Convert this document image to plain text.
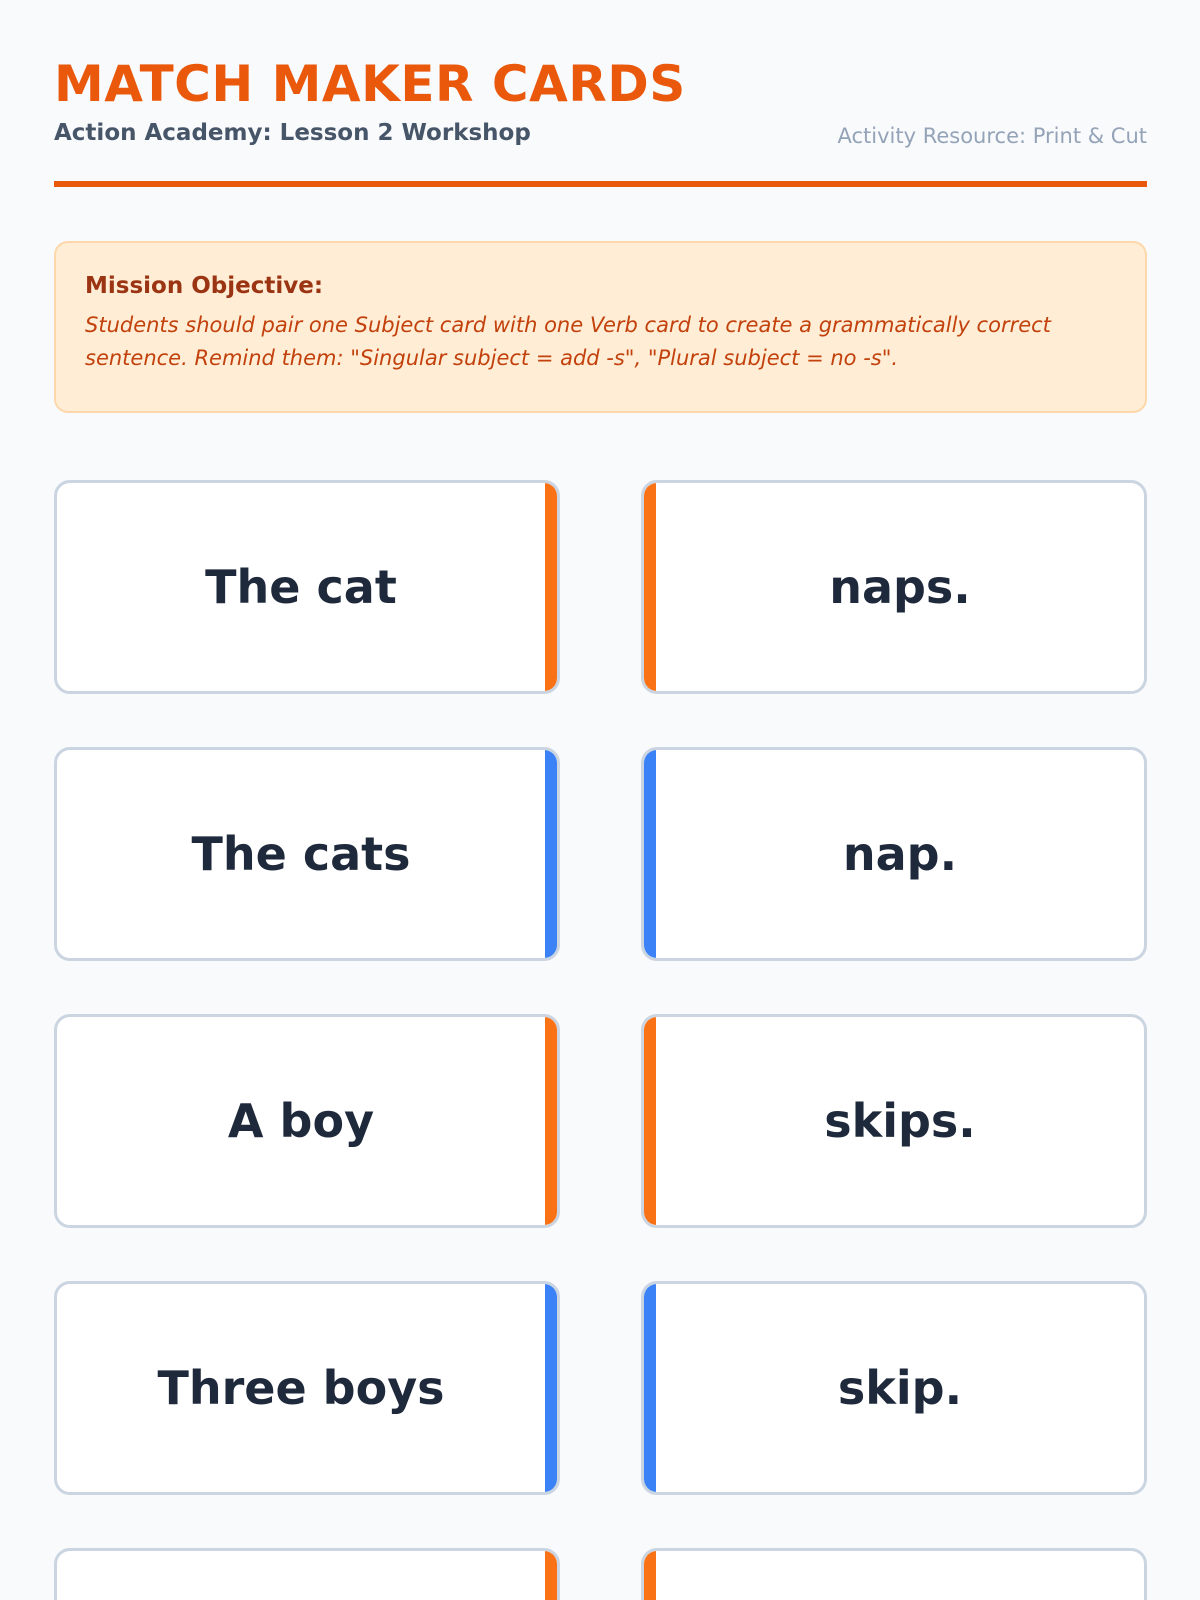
MATCH MAKER CARDS
Action Academy: Lesson 2 Workshop	Activity Resource: Print & Cut

Mission Objective:

Students should pair one Subject card with one Verb card to create a grammatically correct sentence. Remind them: "Singular subject = add -s", "Plural subject = no -s".

The cat	naps.
The cats	nap.
A boy	skips.
Three boys	skip.
